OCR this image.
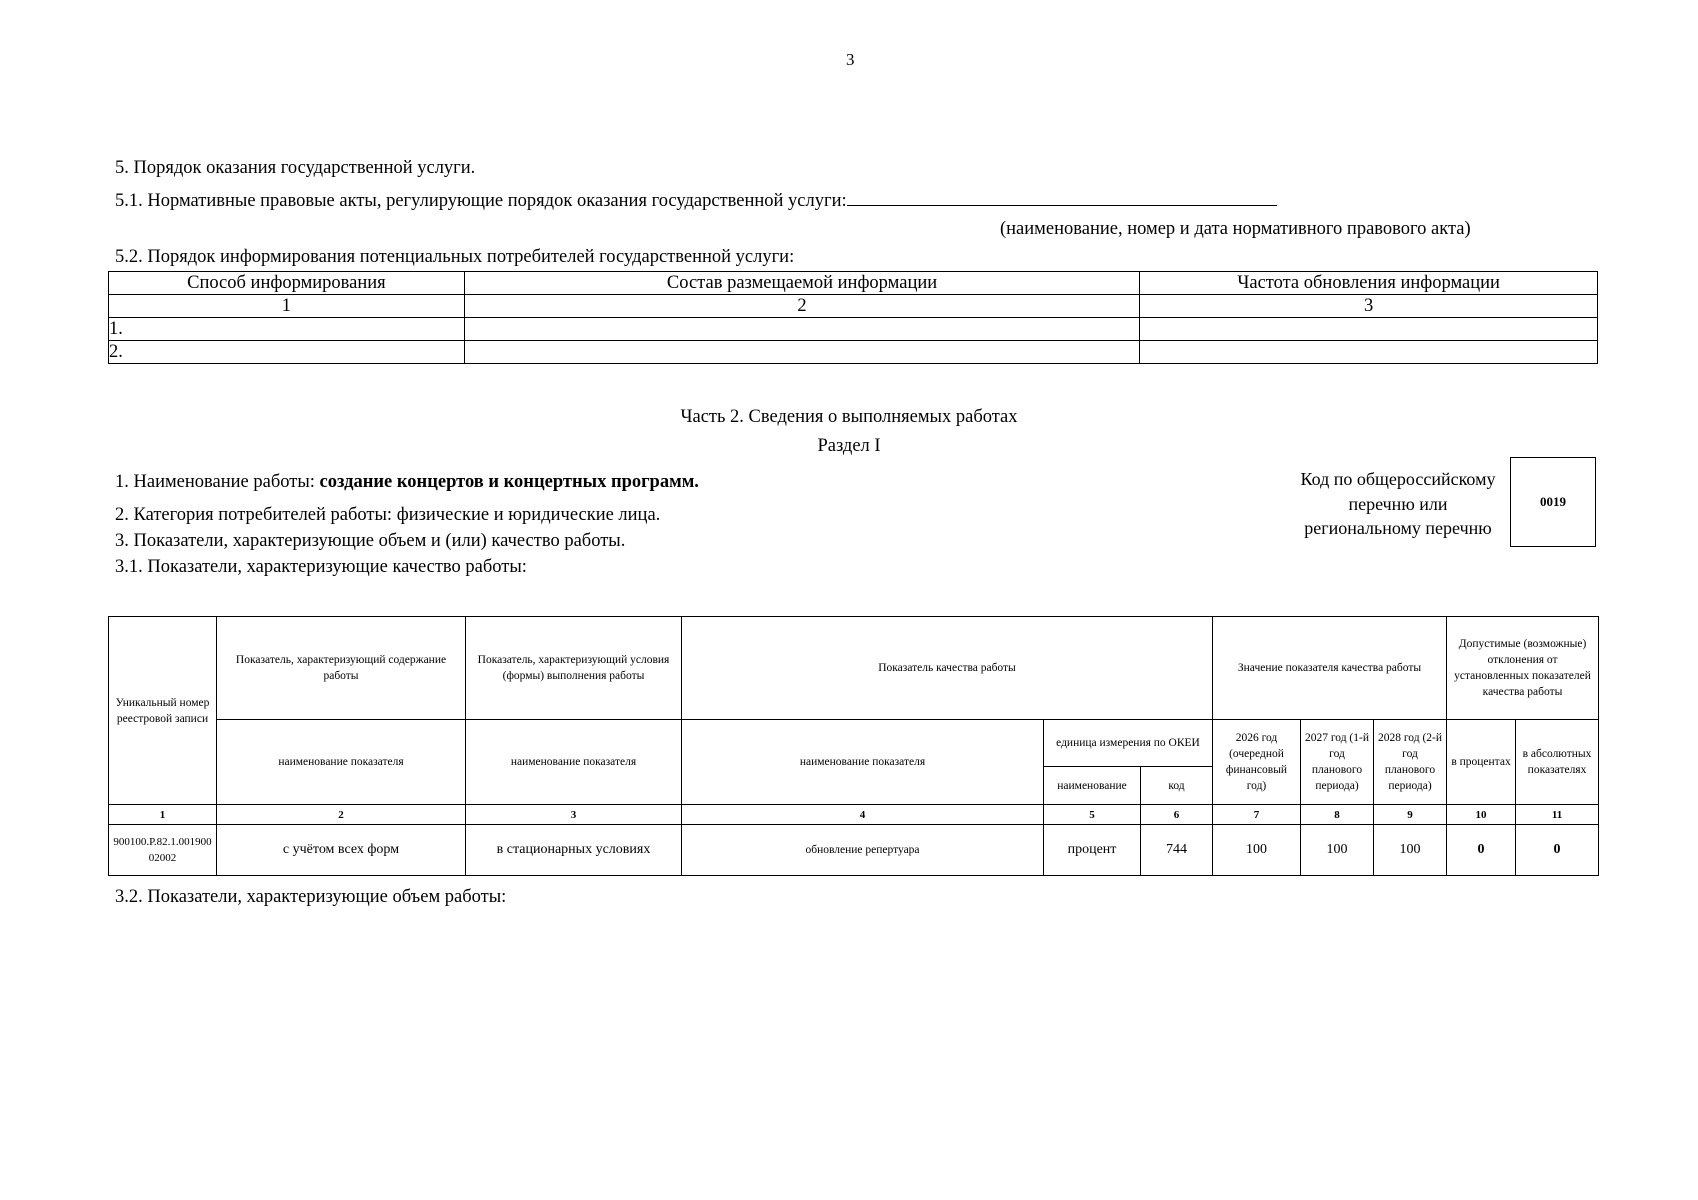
3
5. Порядок оказания государственной услуги.
5.1. Нормативные правовые акты, регулирующие порядок оказания государственной услуги:
(наименование, номер и дата нормативного правового акта)
5.2. Порядок информирования потенциальных потребителей государственной услуги:
Способ информирования	Состав размещаемой информации	Частота обновления информации
1	2	3
1.		
2.		
Часть 2. Сведения о выполняемых работах
Раздел I
1. Наименование работы: создание концертов и концертных программ.
2. Категория потребителей работы: физические и юридические лица.
3. Показатели, характеризующие объем и (или) качество работы.
3.1. Показатели, характеризующие качество работы:
Код по общероссийскому перечню или региональному перечню
0019
Уникальный номер реестровой записи	Показатель, характеризующий содержание работы	Показатель, характеризующий условия (формы) выполнения работы	Показатель качества работы			Значение показателя качества работы			Допустимые (возможные) отклонения от установленных показателей качества работы	
	наименование показателя	наименование показателя	наименование показателя	единица измерения по ОКЕИ		2026 год (очередной финансовый год)	2027 год (1-й год планового периода)	2028 год (2-й год планового периода)	в процентах	в абсолютных показателях
				наименование	код					
1	2	3	4	5	6	7	8	9	10	11
900100.Р.82.1.00190002002	с учётом всех форм	в стационарных условиях	обновление репертуара	процент	744	100	100	100	0	0
3.2. Показатели, характеризующие объем работы:
